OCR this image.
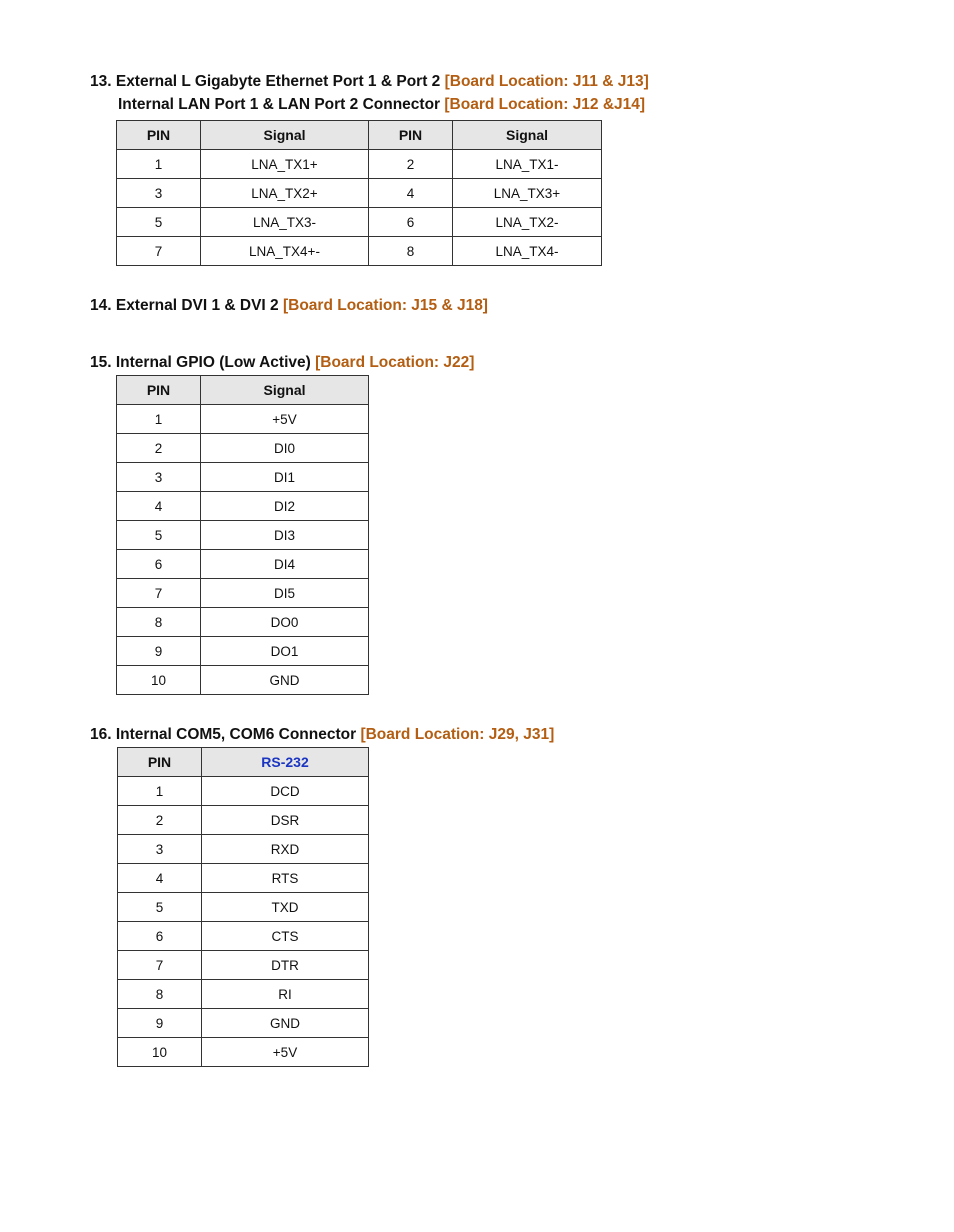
13. External L Gigabyte Ethernet Port 1 & Port 2 [Board Location: J11 & J13]
Internal LAN Port 1 & LAN Port 2 Connector [Board Location: J12 &J14]
PIN	Signal	PIN	Signal
1	LNA_TX1+	2	LNA_TX1-
3	LNA_TX2+	4	LNA_TX3+
5	LNA_TX3-	6	LNA_TX2-
7	LNA_TX4+-	8	LNA_TX4-
14. External DVI 1 & DVI 2 [Board Location: J15 & J18]
15. Internal GPIO (Low Active) [Board Location: J22]
PIN	Signal
1	+5V
2	DI0
3	DI1
4	DI2
5	DI3
6	DI4
7	DI5
8	DO0
9	DO1
10	GND
16. Internal COM5, COM6 Connector [Board Location: J29, J31]
PIN	RS-232
1	DCD
2	DSR
3	RXD
4	RTS
5	TXD
6	CTS
7	DTR
8	RI
9	GND
10	+5V
